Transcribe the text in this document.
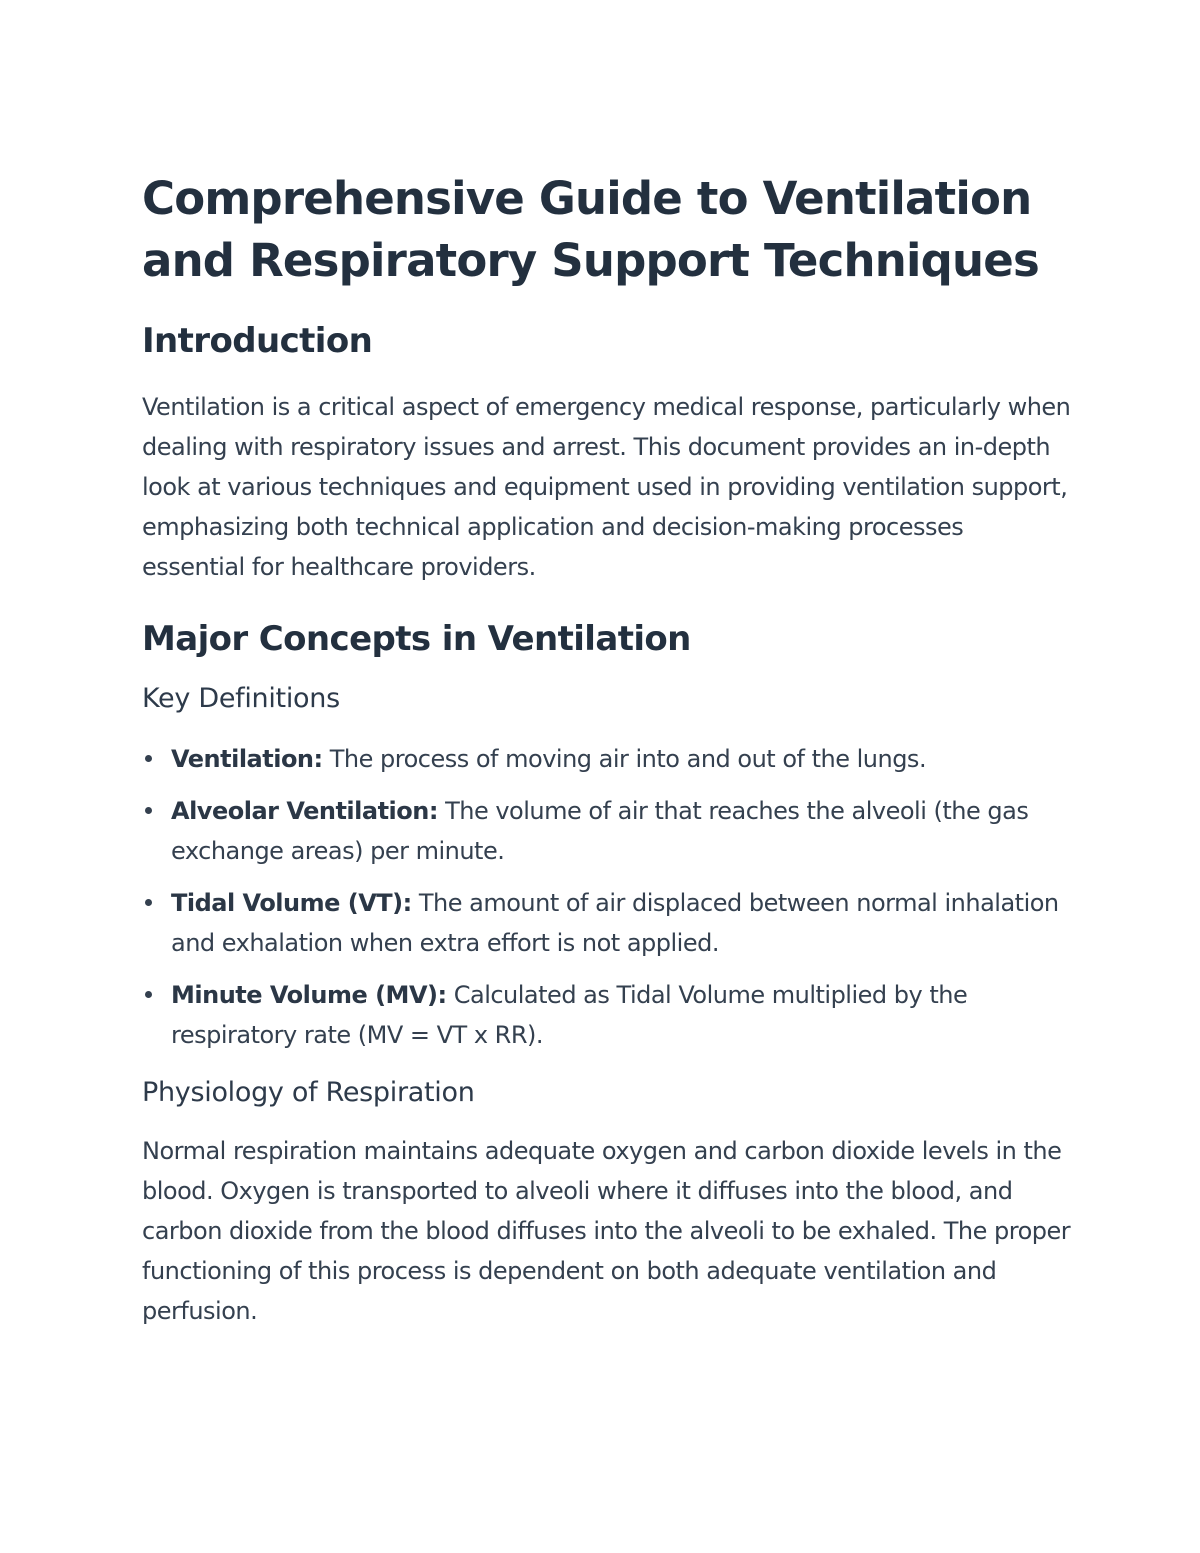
Comprehensive Guide to Ventilation and Respiratory Support Techniques
Introduction

Ventilation is a critical aspect of emergency medical response, particularly when dealing with respiratory issues and arrest. This document provides an in-depth look at various techniques and equipment used in providing ventilation support, emphasizing both technical application and decision-making processes essential for healthcare providers.

Major Concepts in Ventilation
Key Definitions
Ventilation: The process of moving air into and out of the lungs.
Alveolar Ventilation: The volume of air that reaches the alveoli (the gas exchange areas) per minute.
Tidal Volume (VT): The amount of air displaced between normal inhalation and exhalation when extra effort is not applied.
Minute Volume (MV): Calculated as Tidal Volume multiplied by the respiratory rate (MV = VT x RR).
Physiology of Respiration

Normal respiration maintains adequate oxygen and carbon dioxide levels in the blood. Oxygen is transported to alveoli where it diffuses into the blood, and carbon dioxide from the blood diffuses into the alveoli to be exhaled. The proper functioning of this process is dependent on both adequate ventilation and perfusion.
